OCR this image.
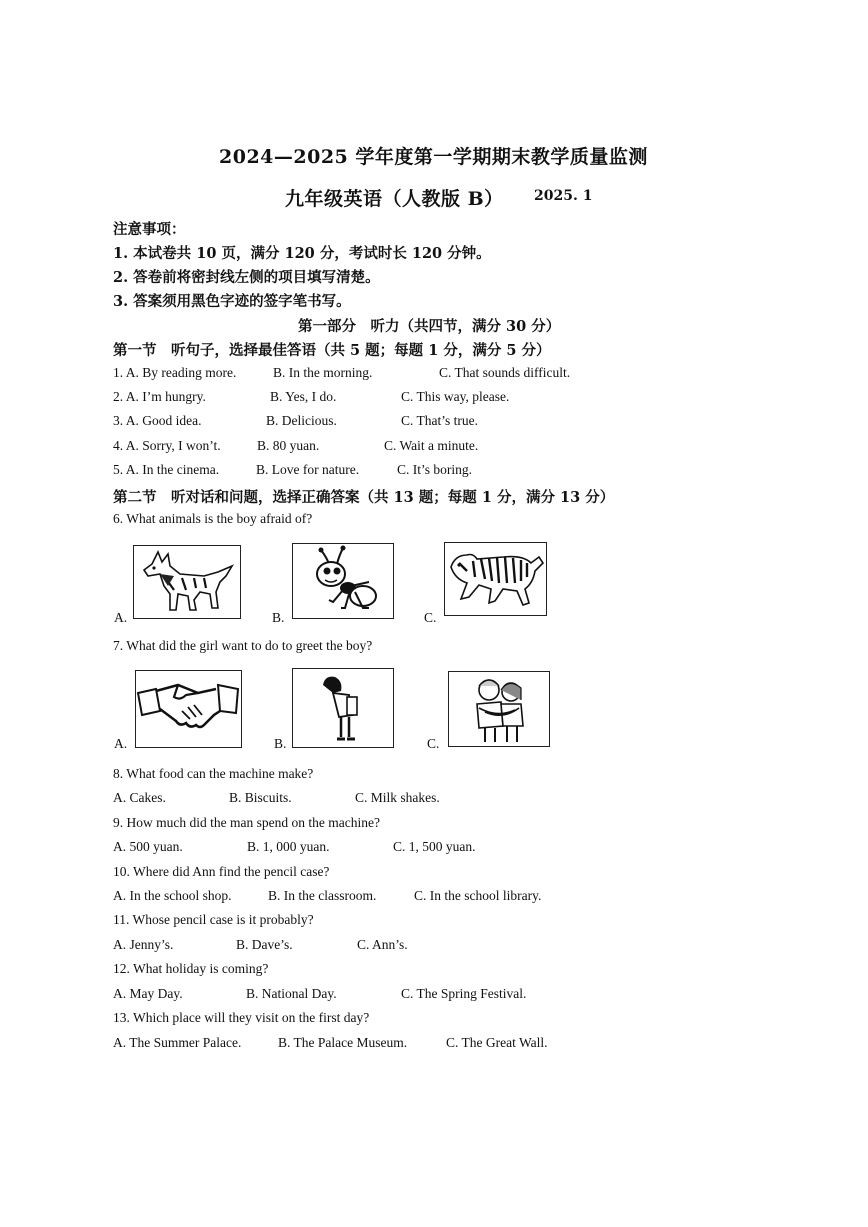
2024—2025 学年度第一学期期末教学质量监测
九年级英语（人教版 B） 2025. 1
注意事项：
1. 本试卷共 10 页，满分 120 分，考试时长 120 分钟。
2. 答卷前将密封线左侧的项目填写清楚。
3. 答案须用黑色字迹的签字笔书写。
第一部分　听力（共四节，满分 30 分）
第一节　听句子，选择最佳答语（共 5 题；每题 1 分，满分 5 分）
1. A. By reading more.	B. In the morning.	C. That sounds difficult.
2. A. I’m hungry.	B. Yes, I do.	C. This way, please.
3. A. Good idea.	B. Delicious.	C. That’s true.
4. A. Sorry, I won’t.	B. 80 yuan.	C. Wait a minute.
5. A. In the cinema.	B. Love for nature.	C. It’s boring.
第二节　听对话和问题，选择正确答案（共 13 题；每题 1 分，满分 13 分）
6. What animals is the boy afraid of?
A.	B.	C.
7. What did the girl want to do to greet the boy?
A.	B.	C.
8. What food can the machine make?
A. Cakes.	B. Biscuits.	C. Milk shakes.
9. How much did the man spend on the machine?
A. 500 yuan.	B. 1, 000 yuan.	C. 1, 500 yuan.
10. Where did Ann find the pencil case?
A. In the school shop.	B. In the classroom.	C. In the school library.
11. Whose pencil case is it probably?
A. Jenny’s.	B. Dave’s.	C. Ann’s.
12. What holiday is coming?
A. May Day.	B. National Day.	C. The Spring Festival.
13. Which place will they visit on the first day?
A. The Summer Palace.	B. The Palace Museum.	C. The Great Wall.
